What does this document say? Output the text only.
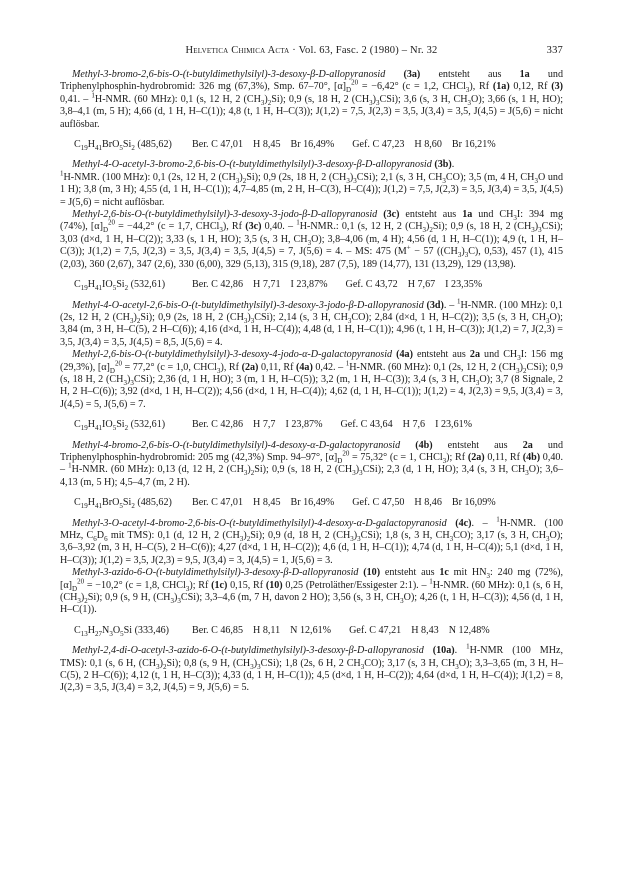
Helvetica Chimica Acta · Vol. 63, Fasc. 2 (1980) – Nr. 32	337

Methyl-3-bromo-2,6-bis-O-(t-butyldimethylsilyl)-3-desoxy-β-D-allopyranosid (3a) entsteht aus 1a und Triphenylphosphin-hydrobromid: 326 mg (67,3%), Smp. 67–70°, $[\alpha]_D^{20} = -6,42^\circ$ (c = 1,2, CHCl$_3$), Rf (1a) 0,12, Rf (3) 0,41. – $^1$H-NMR. (60 MHz): 0,1 (s, 12 H, 2 $(CH_3)_2Si$); 0,9 (s, 18 H, 2 $(CH_3)_3CSi$); 3,6 (s, 3 H, $CH_3O$); 3,66 (s, 1 H, HO); 3,8–4,1 (m, 5 H); 4,66 (d, 1 H, H–C(1)); 4,8 (t, 1 H, H–C(3)); J(1,2) = 7,5, J(2,3) = 3,5, J(3,4) = 3,5, J(4,5) = J(5,6) = nicht auflösbar.

$C_{19}H_{41}BrO_5Si_2$ (485,62) Ber. C 47,01 H 8,45 Br 16,49% Gef. C 47,23 H 8,60 Br 16,21%

Methyl-4-O-acetyl-3-bromo-2,6-bis-O-(t-butyldimethylsilyl)-3-desoxy-β-D-allopyranosid (3b).

$^1$H-NMR. (100 MHz): 0,1 (2s, 12 H, 2 $(CH_3)_2Si$); 0,9 (2s, 18 H, 2 $(CH_3)_3CSi$); 2,1 (s, 3 H, $CH_3CO$); 3,5 (m, 4 H, $CH_3O$ und 1 H); 3,8 (m, 3 H); 4,55 (d, 1 H, H–C(1)); 4,7–4,85 (m, 2 H, H–C(3), H–C(4)); J(1,2) = 7,5, J(2,3) = 3,5, J(3,4) = 3,5, J(4,5) = J(5,6) = nicht auflösbar.

Methyl-2,6-bis-O-(t-butyldimethylsilyl)-3-desoxy-3-jodo-β-D-allopyranosid (3c) entsteht aus 1a und $CH_3I$: 394 mg (74%), $[\alpha]_D^{20} = -44,2^\circ$ (c = 1,7, CHCl$_3$), Rf (3c) 0,40. – $^1$H-NMR.: 0,1 (s, 12 H, 2 $(CH_3)_2Si$); 0,9 (s, 18 H, 2 $(CH_3)_3CSi$); 3,03 (d×d, 1 H, H–C(2)); 3,33 (s, 1 H, HO); 3,5 (s, 3 H, $CH_3O$); 3,8–4,06 (m, 4 H); 4,56 (d, 1 H, H–C(1)); 4,9 (t, 1 H, H–C(3)); J(1,2) = 7,5, J(2,3) = 3,5, J(3,4) = 3,5, J(4,5) = 7, J(5,6) = 4. – MS: 475 (M+ − 57 $((CH_3)_3C)$, 0,53), 457 (1), 415 (2,03), 360 (2,67), 347 (2,6), 330 (6,00), 329 (5,13), 315 (9,18), 287 (7,5), 189 (14,77), 131 (13,29), 129 (13,98).

$C_{19}H_{41}IO_5Si_2$ (532,61)	Ber. C 42,86 H 7,71 I 23,87% Gef. C 43,72 H 7,67 I 23,35%

Methyl-4-O-acetyl-2,6-bis-O-(t-butyldimethylsilyl)-3-desoxy-3-jodo-β-D-allopyranosid (3d). – $^1$H-NMR. (100 MHz): 0,1 (2s, 12 H, 2 $(CH_3)_2Si$); 0,9 (2s, 18 H, 2 $(CH_3)_3CSi$); 2,14 (s, 3 H, $CH_3CO$); 2,84 (d×d, 1 H, H–C(2)); 3,5 (s, 3 H, $CH_3O$); 3,84 (m, 3 H, H–C(5), 2 H–C(6)); 4,16 (d×d, 1 H, H–C(4)); 4,48 (d, 1 H, H–C(1)); 4,96 (t, 1 H, H–C(3)); J(1,2) = 7, J(2,3) = 3,5, J(3,4) = 3,5, J(4,5) = 8,5, J(5,6) = 4.

Methyl-2,6-bis-O-(t-butyldimethylsilyl)-3-desoxy-4-jodo-α-D-galactopyranosid (4a) entsteht aus 2a und $CH_3I$: 156 mg (29,3%), $[\alpha]_D^{20} = 77,2^\circ$ (c = 1,0, CHCl$_3$), Rf (2a) 0,11, Rf (4a) 0,42. – $^1$H-NMR. (60 MHz): 0,1 (2s, 12 H, 2 $(CH_3)_2CSi$); 0,9 (s, 18 H, 2 $(CH_3)_3CSi$); 2,36 (d, 1 H, HO); 3 (m, 1 H, H–C(5)); 3,2 (m, 1 H, H–C(3)); 3,4 (s, 3 H, $CH_3O$); 3,7 (8 Signale, 2 H, 2 H–C(6)); 3,92 (d×d, 1 H, H–C(2)); 4,56 (d×d, 1 H, H–C(4)); 4,62 (d, 1 H, H–C(1)); J(1,2) = 4, J(2,3) = 9,5, J(3,4) = 3, J(4,5) = 5, J(5,6) = 7.

$C_{19}H_{41}IO_5Si_2$ (532,61)	Ber. C 42,86 H 7,7 I 23,87% Gef. C 43,64 H 7,6 I 23,61%

Methyl-4-bromo-2,6-bis-O-(t-butyldimethylsilyl)-4-desoxy-α-D-galactopyranosid (4b) entsteht aus 2a und Triphenylphosphin-hydrobromid: 205 mg (42,3%) Smp. 94–97°, $[\alpha]_D^{20} = 75,32^\circ$ (c = 1, CHCl$_3$); Rf (2a) 0,11, Rf (4b) 0,40. – $^1$H-NMR. (60 MHz): 0,13 (d, 12 H, 2 $(CH_3)_2Si$); 0,9 (s, 18 H, 2 $(CH_3)_3CSi$); 2,3 (d, 1 H, HO); 3,4 (s, 3 H, $CH_3O$); 3,6–4,13 (m, 5 H); 4,5–4,7 (m, 2 H).

$C_{19}H_{41}BrO_5Si_2$ (485,62) Ber. C 47,01 H 8,45 Br 16,49% Gef. C 47,50 H 8,46 Br 16,09%

Methyl-3-O-acetyl-4-bromo-2,6-bis-O-(t-butyldimethylsilyl)-4-desoxy-α-D-galactopyranosid (4c). – $^1$H-NMR. (100 MHz, $C_6D_6$ mit TMS): 0,1 (d, 12 H, 2 $(CH_3)_2Si$); 0,9 (d, 18 H, 2 $(CH_3)_3CSi$); 1,8 (s, 3 H, $CH_3CO$); 3,17 (s, 3 H, $CH_3O$); 3,6–3,92 (m, 3 H, H–C(5), 2 H–C(6)); 4,27 (d×d, 1 H, H–C(2)); 4,6 (d, 1 H, H–C(1)); 4,74 (d, 1 H, H–C(4)); 5,1 (d×d, 1 H, H–C(3)); J(1,2) = 3,5, J(2,3) = 9,5, J(3,4) = 3, J(4,5) = 1, J(5,6) = 3.

Methyl-3-azido-6-O-(t-butyldimethylsilyl)-3-desoxy-β-D-allopyranosid (10) entsteht aus 1c mit $HN_3$: 240 mg (72%), $[\alpha]_D^{20} = -10,2^\circ$ (c = 1,8, CHCl$_3$); Rf (1c) 0,15, Rf (10) 0,25 (Petroläther/Essigester 2:1). – $^1$H-NMR. (60 MHz): 0,1 (s, 6 H, $(CH_3)_2Si$); 0,9 (s, 9 H, $(CH_3)_3CSi$); 3,3–4,6 (m, 7 H, davon 2 HO); 3,56 (s, 3 H, $CH_3O$); 4,26 (t, 1 H, H–C(3)); 4,56 (d, 1 H, H–C(1)).

$C_{13}H_{27}N_3O_5Si$ (333,46) Ber. C 46,85 H 8,11 N 12,61% Gef. C 47,21 H 8,43 N 12,48%

Methyl-2,4-di-O-acetyl-3-azido-6-O-(t-butyldimethylsilyl)-3-desoxy-β-D-allopyranosid (10a). $^1$H-NMR (100 MHz, TMS): 0,1 (s, 6 H, $(CH_3)_2Si$); 0,8 (s, 9 H, $(CH_3)_3CSi$); 1,8 (2s, 6 H, 2 $CH_3CO$); 3,17 (s, 3 H, $CH_3O$); 3,3–3,65 (m, 3 H, H–C(5), 2 H–C(6)); 4,12 (t, 1 H, H–C(3)); 4,33 (d, 1 H, H–C(1)); 4,5 (d×d, 1 H, H–C(2)); 4,64 (d×d, 1 H, H–C(4)); J(1,2) = 8, J(2,3) = 3,5, J(3,4) = 3,2, J(4,5) = 9, J(5,6) = 5.
